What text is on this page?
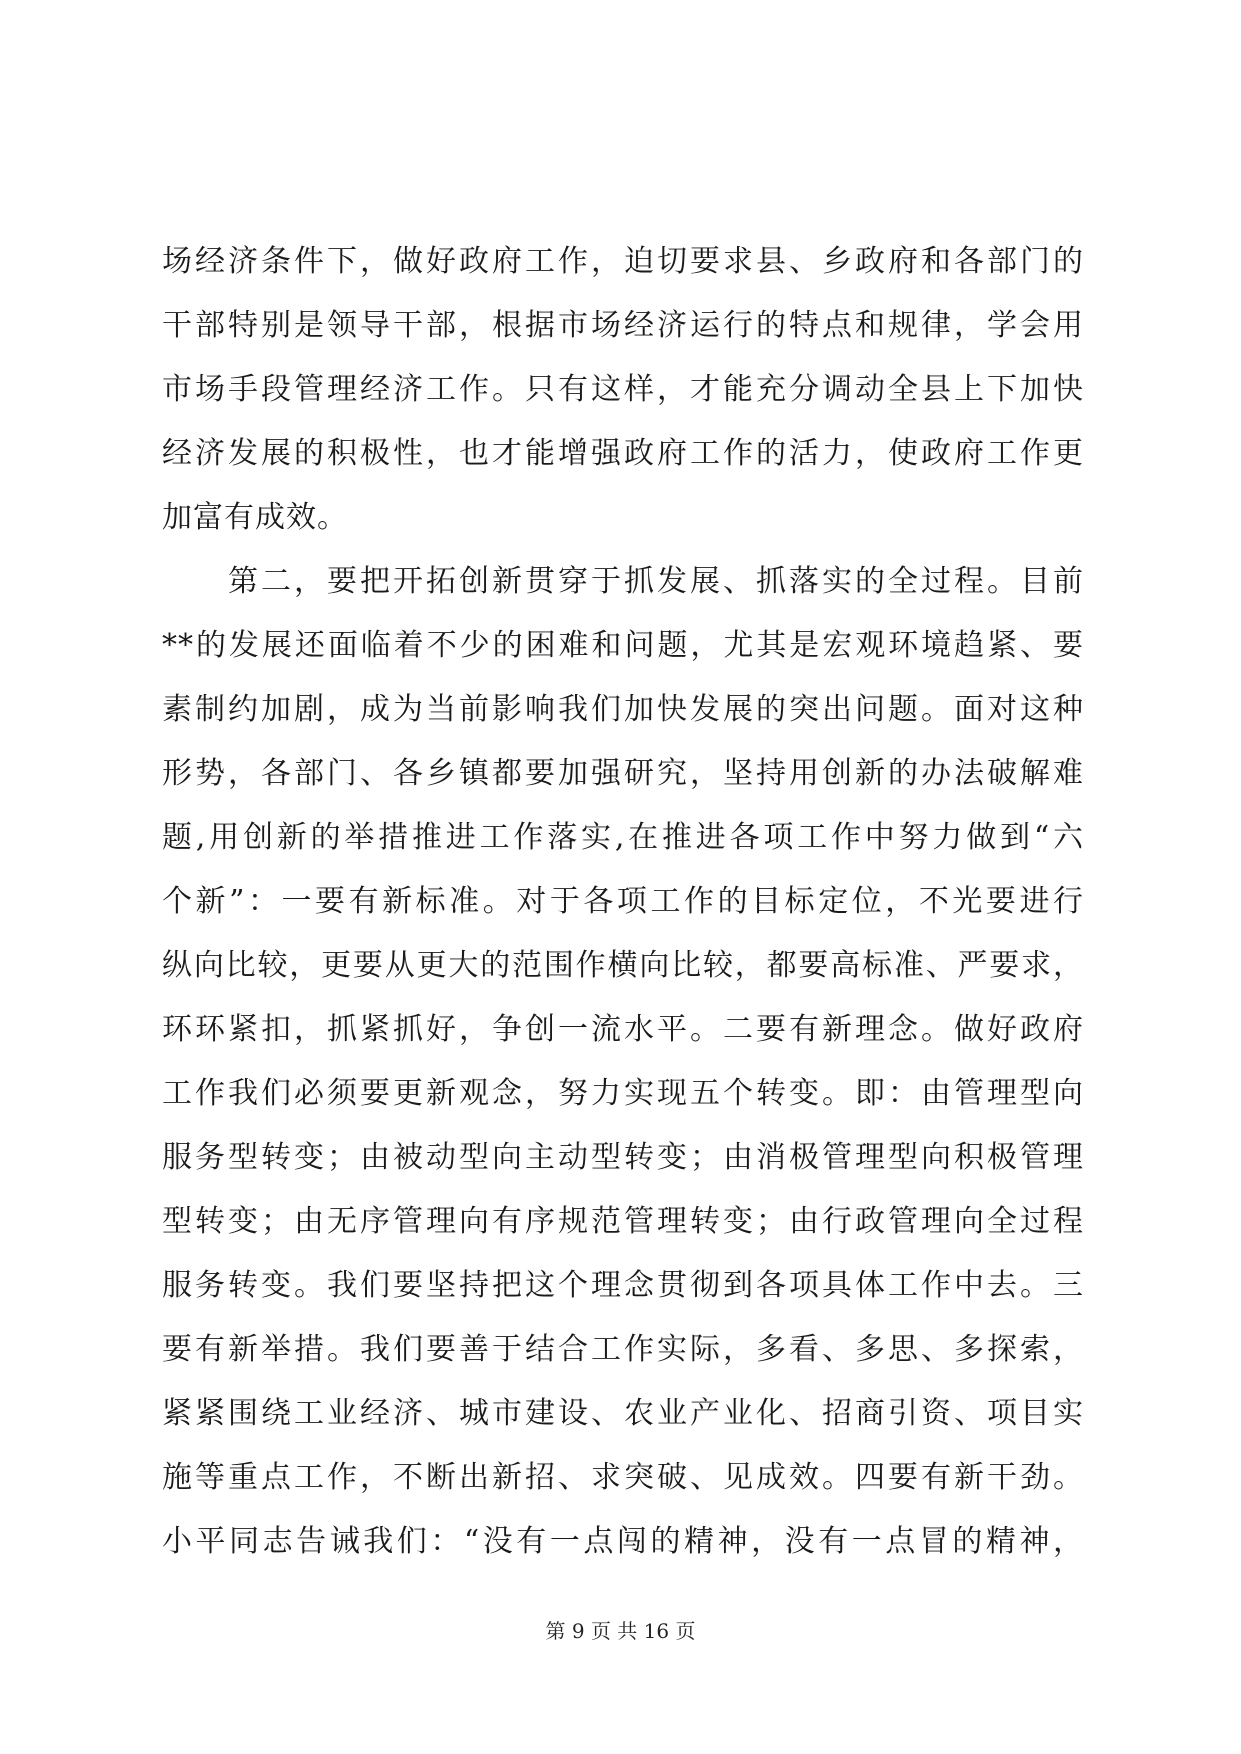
场经济条件下，做好政府工作，迫切要求县、乡政府和各部门的
干部特别是领导干部，根据市场经济运行的特点和规律，学会用
市场手段管理经济工作。只有这样，才能充分调动全县上下加快
经济发展的积极性，也才能增强政府工作的活力，使政府工作更
加富有成效。
第二，要把开拓创新贯穿于抓发展、抓落实的全过程。目前
**的发展还面临着不少的困难和问题，尤其是宏观环境趋紧、要
素制约加剧，成为当前影响我们加快发展的突出问题。面对这种
形势，各部门、各乡镇都要加强研究，坚持用创新的办法破解难
题,用创新的举措推进工作落实,在推进各项工作中努力做到“六
个新”：一要有新标准。对于各项工作的目标定位，不光要进行
纵向比较，更要从更大的范围作横向比较，都要高标准、严要求，
环环紧扣，抓紧抓好，争创一流水平。二要有新理念。做好政府
工作我们必须要更新观念，努力实现五个转变。即：由管理型向
服务型转变；由被动型向主动型转变；由消极管理型向积极管理
型转变；由无序管理向有序规范管理转变；由行政管理向全过程
服务转变。我们要坚持把这个理念贯彻到各项具体工作中去。三
要有新举措。我们要善于结合工作实际，多看、多思、多探索，
紧紧围绕工业经济、城市建设、农业产业化、招商引资、项目实
施等重点工作，不断出新招、求突破、见成效。四要有新干劲。
小平同志告诫我们：“没有一点闯的精神，没有一点冒的精神，
第 9 页 共 16 页
